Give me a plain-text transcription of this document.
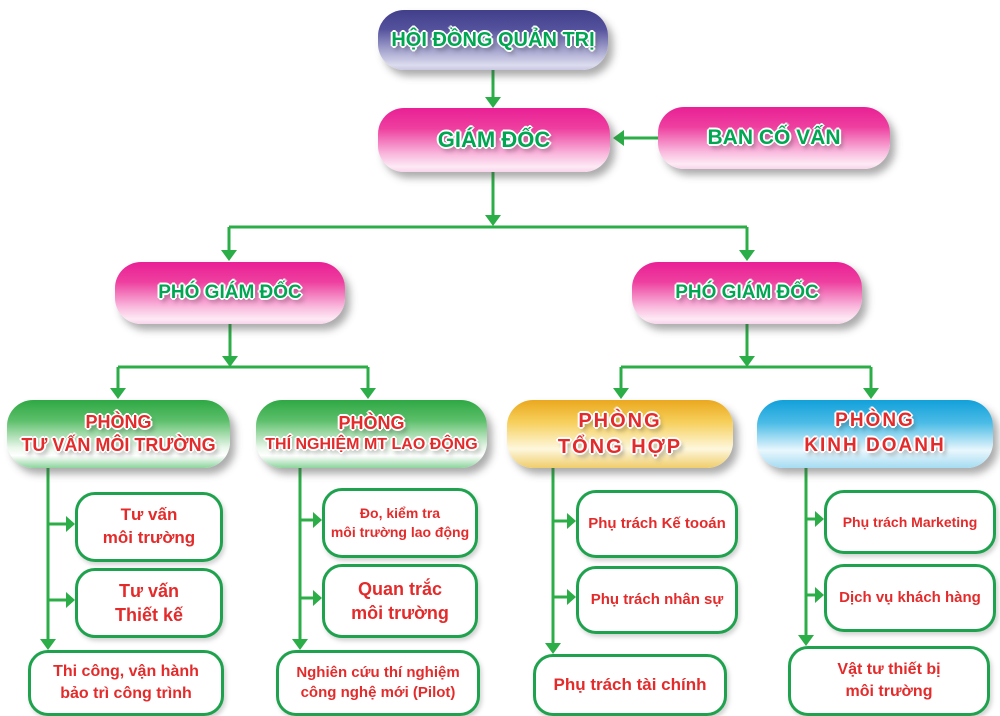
HỘI ĐỒNG QUẢN TRỊ
GIÁM ĐỐC	BAN CỐ VẤN
PHÓ GIÁM ĐỐC	PHÓ GIÁM ĐỐC
PHÒNG
TƯ VẤN MÔI TRƯỜNG
PHÒNG
THÍ NGHIỆM MT LAO ĐỘNG
PHÒNG
TỔNG HỢP
PHÒNG
KINH DOANH
Tư vấn
môi trường
Tư vấn
Thiết kế
Thi công, vận hành
bảo trì công trình
Đo, kiểm tra
môi trường lao động
Quan trắc
môi trường
Nghiên cứu thí nghiệm
công nghệ mới (Pilot)
Phụ trách Kế tooán
Phụ trách nhân sự
Phụ trách tài chính
Phụ trách Marketing
Dịch vụ khách hàng
Vật tư thiết bị
môi trường
